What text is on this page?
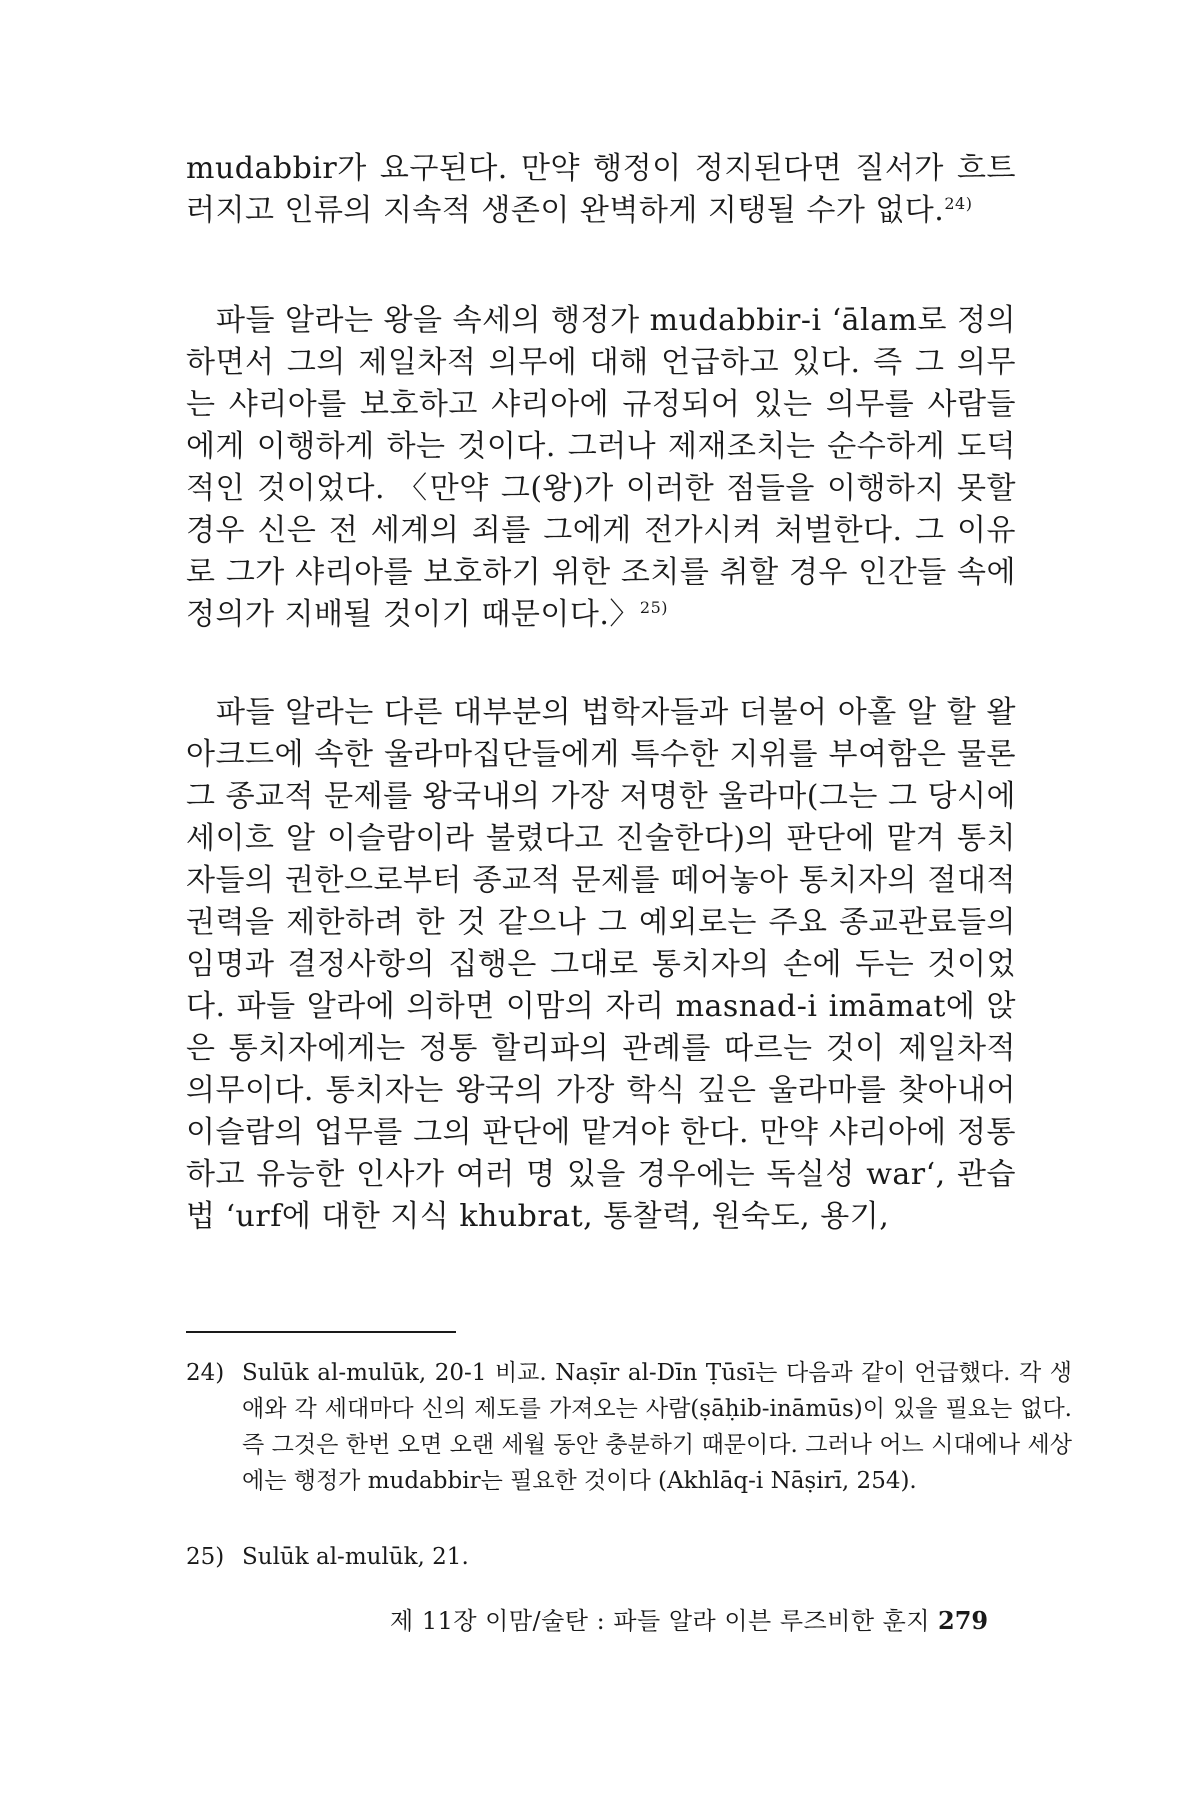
mudabbir가 요구된다. 만약 행정이 정지된다면 질서가 흐트러지고 인류의 지속적 생존이 완벽하게 지탱될 수가 없다.$^{24)}$

파들 알라는 왕을 속세의 행정가 mudabbir-i ‘ālam로 정의하면서 그의 제일차적 의무에 대해 언급하고 있다. 즉 그 의무는 샤리아를 보호하고 샤리아에 규정되어 있는 의무를 사람들에게 이행하게 하는 것이다. 그러나 제재조치는 순수하게 도덕적인 것이었다. 〈만약 그(왕)가 이러한 점들을 이행하지 못할 경우 신은 전 세계의 죄를 그에게 전가시켜 처벌한다. 그 이유로 그가 샤리아를 보호하기 위한 조치를 취할 경우 인간들 속에 정의가 지배될 것이기 때문이다.〉$^{25)}$

파들 알라는 다른 대부분의 법학자들과 더불어 아홀 알 할 왈 아크드에 속한 울라마집단들에게 특수한 지위를 부여함은 물론 그 종교적 문제를 왕국내의 가장 저명한 울라마(그는 그 당시에 세이흐 알 이슬람이라 불렸다고 진술한다)의 판단에 맡겨 통치자들의 권한으로부터 종교적 문제를 떼어놓아 통치자의 절대적 권력을 제한하려 한 것 같으나 그 예외로는 주요 종교관료들의 임명과 결정사항의 집행은 그대로 통치자의 손에 두는 것이었다. 파들 알라에 의하면 이맘의 자리 masnad-i imāmat에 앉은 통치자에게는 정통 할리파의 관례를 따르는 것이 제일차적 의무이다. 통치자는 왕국의 가장 학식 깊은 울라마를 찾아내어 이슬람의 업무를 그의 판단에 맡겨야 한다. 만약 샤리아에 정통하고 유능한 인사가 여러 명 있을 경우에는 독실성 war‘, 관습법 ‘urf에 대한 지식 khubrat, 통찰력, 원숙도, 용기,

24) Sulūk al-mulūk, 20-1 비교. Naṣīr al-Dīn Ṭūsī는 다음과 같이 언급했다. 각 생애와 각 세대마다 신의 제도를 가져오는 사람(ṣāḥib-ināmūs)이 있을 필요는 없다. 즉 그것은 한번 오면 오랜 세월 동안 충분하기 때문이다. 그러나 어느 시대에나 세상에는 행정가 mudabbir는 필요한 것이다 (Akhlāq-i Nāṣirī, 254).

25) Sulūk al-mulūk, 21.

제 11장 이맘/술탄 : 파들 알라 이븐 루즈비한 훈지 279
